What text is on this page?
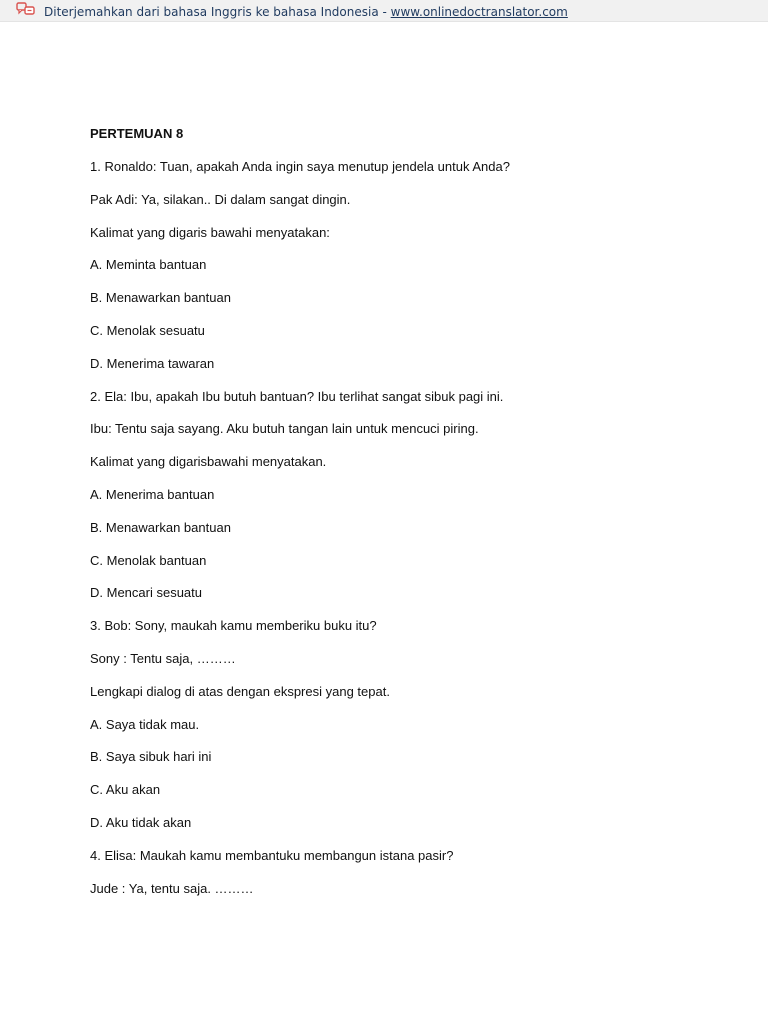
Diterjemahkan dari bahasa Inggris ke bahasa Indonesia - www.onlinedoctranslator.com

PERTEMUAN 8

1. Ronaldo: Tuan, apakah Anda ingin saya menutup jendela untuk Anda?

Pak Adi: Ya, silakan.. Di dalam sangat dingin.

Kalimat yang digaris bawahi menyatakan:

A. Meminta bantuan

B. Menawarkan bantuan

C. Menolak sesuatu

D. Menerima tawaran

2. Ela: Ibu, apakah Ibu butuh bantuan? Ibu terlihat sangat sibuk pagi ini.

Ibu: Tentu saja sayang. Aku butuh tangan lain untuk mencuci piring.

Kalimat yang digarisbawahi menyatakan.

A. Menerima bantuan

B. Menawarkan bantuan

C. Menolak bantuan

D. Mencari sesuatu

3. Bob: Sony, maukah kamu memberiku buku itu?

Sony : Tentu saja, ………

Lengkapi dialog di atas dengan ekspresi yang tepat.

A. Saya tidak mau.

B. Saya sibuk hari ini

C. Aku akan

D. Aku tidak akan

4. Elisa: Maukah kamu membantuku membangun istana pasir?

Jude : Ya, tentu saja. ………
